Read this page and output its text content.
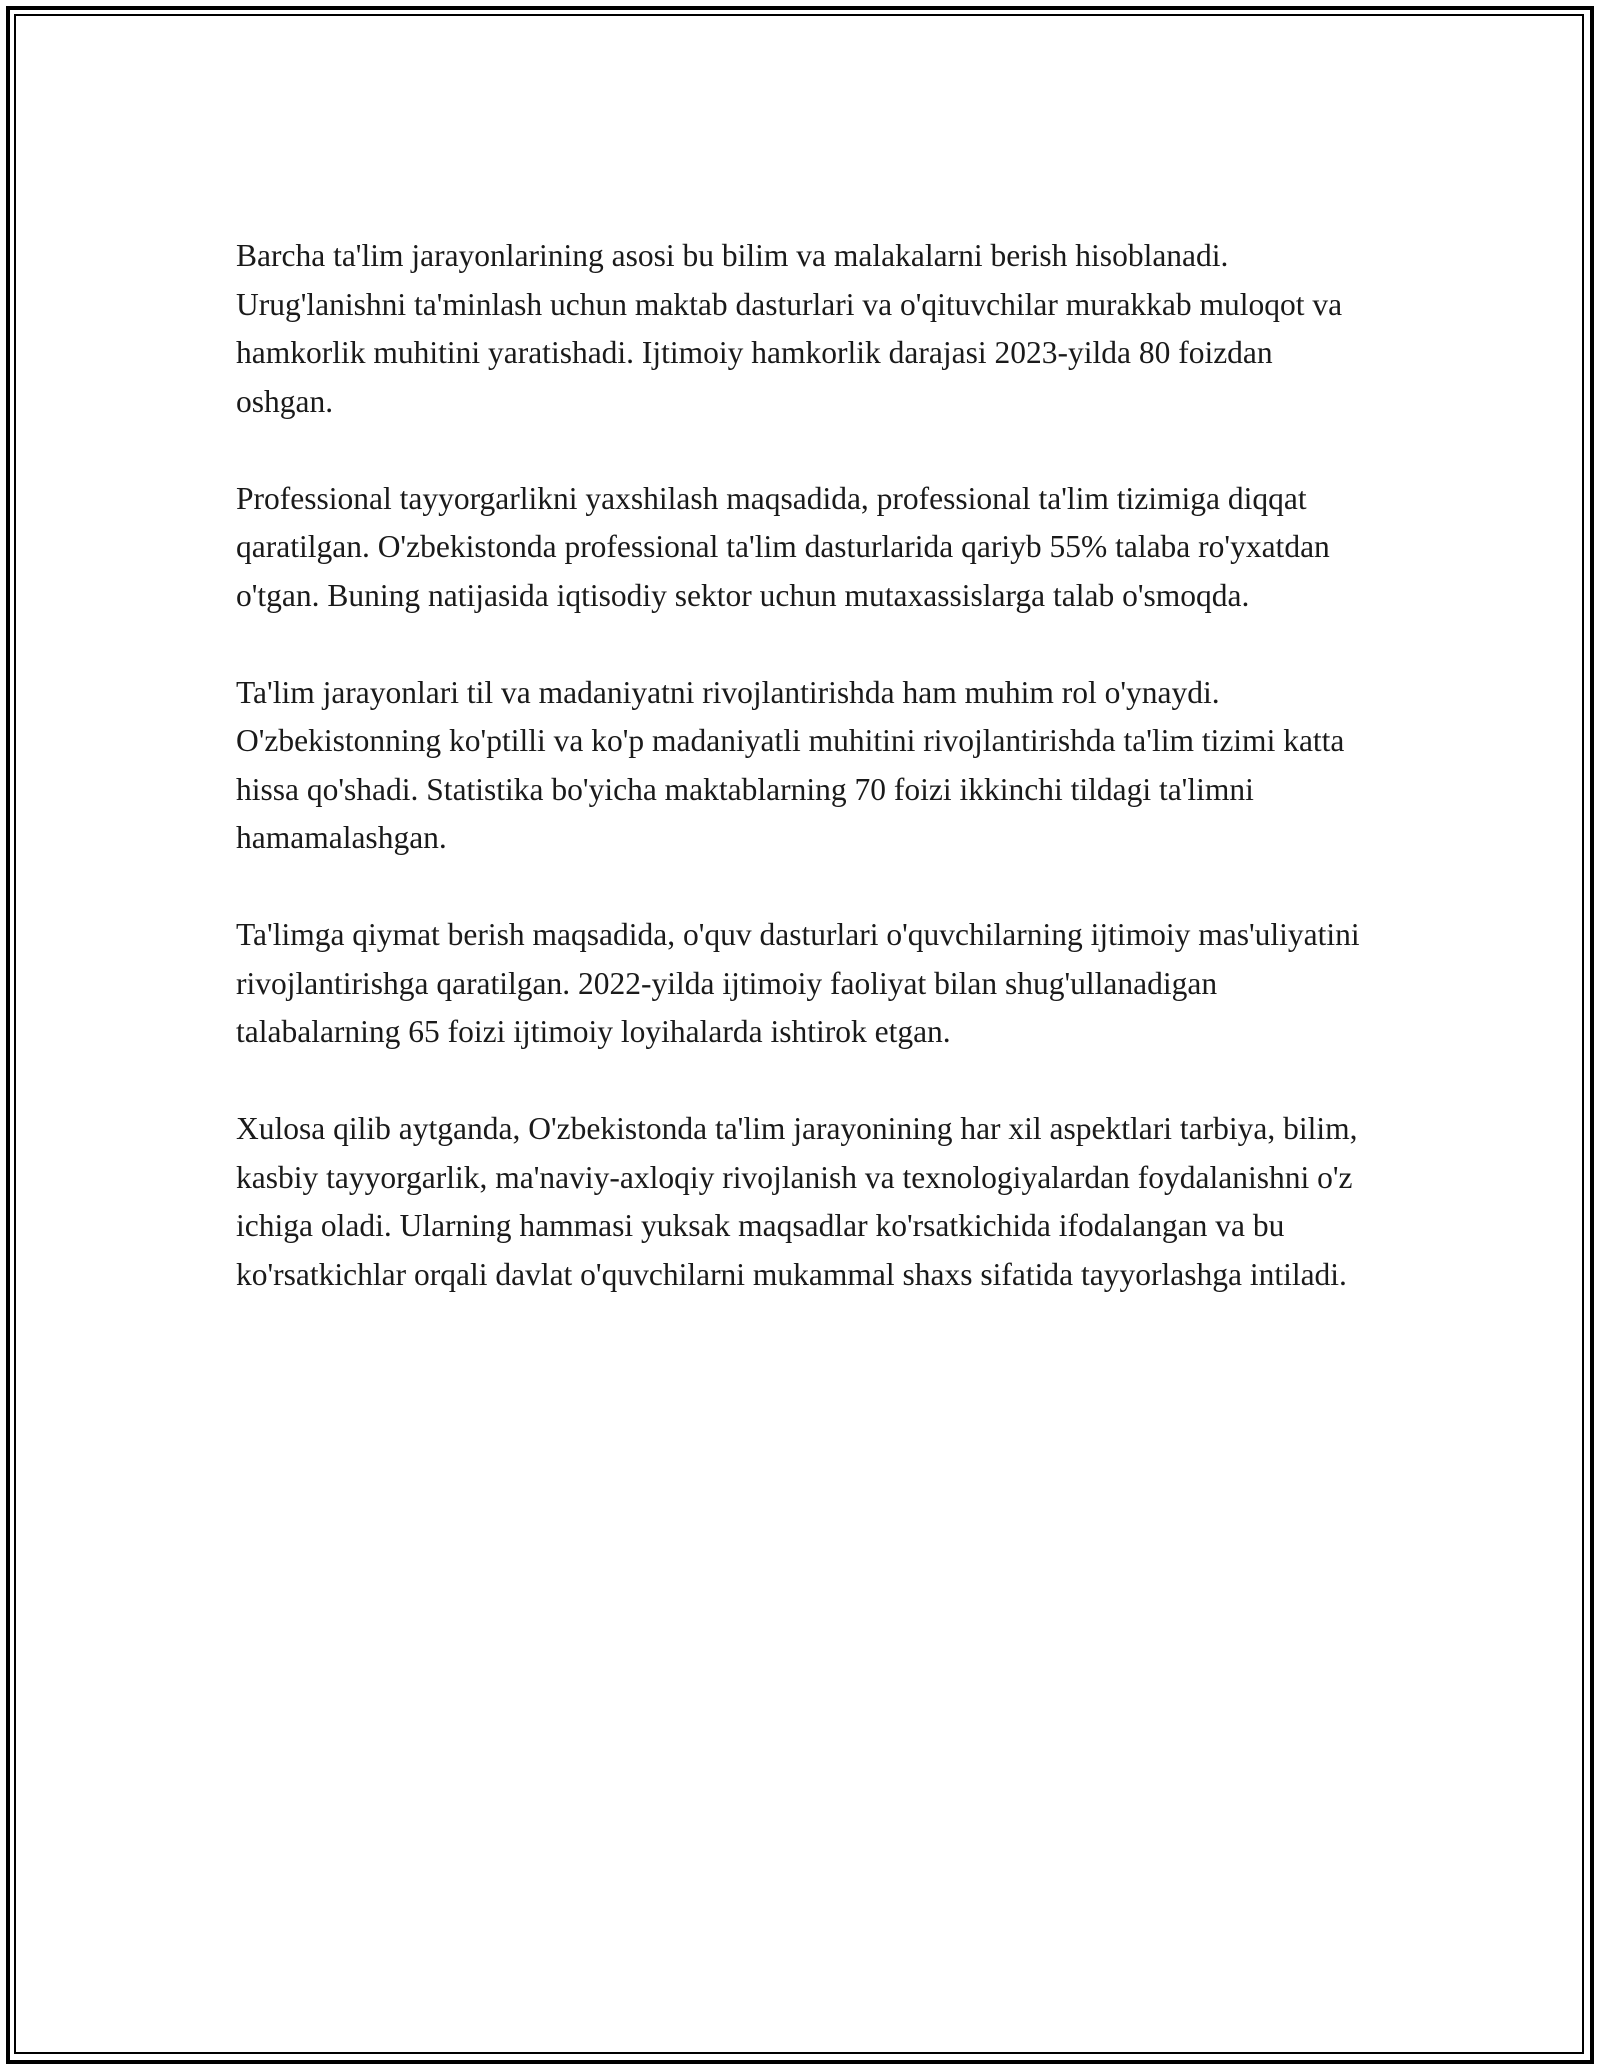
Barcha ta'lim jarayonlarining asosi bu bilim va malakalarni berish hisoblanadi. Urug'lanishni ta'minlash uchun maktab dasturlari va o'qituvchilar murakkab muloqot va hamkorlik muhitini yaratishadi. Ijtimoiy hamkorlik darajasi 2023-yilda 80 foizdan oshgan.

Professional tayyorgarlikni yaxshilash maqsadida, professional ta'lim tizimiga diqqat qaratilgan. O'zbekistonda professional ta'lim dasturlarida qariyb 55% talaba ro'yxatdan o'tgan. Buning natijasida iqtisodiy sektor uchun mutaxassislarga talab o'smoqda.

Ta'lim jarayonlari til va madaniyatni rivojlantirishda ham muhim rol o'ynaydi. O'zbekistonning ko'ptilli va ko'p madaniyatli muhitini rivojlantirishda ta'lim tizimi katta hissa qo'shadi. Statistika bo'yicha maktablarning 70 foizi ikkinchi tildagi ta'limni hamamalashgan.

Ta'limga qiymat berish maqsadida, o'quv dasturlari o'quvchilarning ijtimoiy mas'uliyatini rivojlantirishga qaratilgan. 2022-yilda ijtimoiy faoliyat bilan shug'ullanadigan talabalarning 65 foizi ijtimoiy loyihalarda ishtirok etgan.

Xulosa qilib aytganda, O'zbekistonda ta'lim jarayonining har xil aspektlari tarbiya, bilim, kasbiy tayyorgarlik, ma'naviy-axloqiy rivojlanish va texnologiyalardan foydalanishni o'z ichiga oladi. Ularning hammasi yuksak maqsadlar ko'rsatkichida ifodalangan va bu ko'rsatkichlar orqali davlat o'quvchilarni mukammal shaxs sifatida tayyorlashga intiladi.
